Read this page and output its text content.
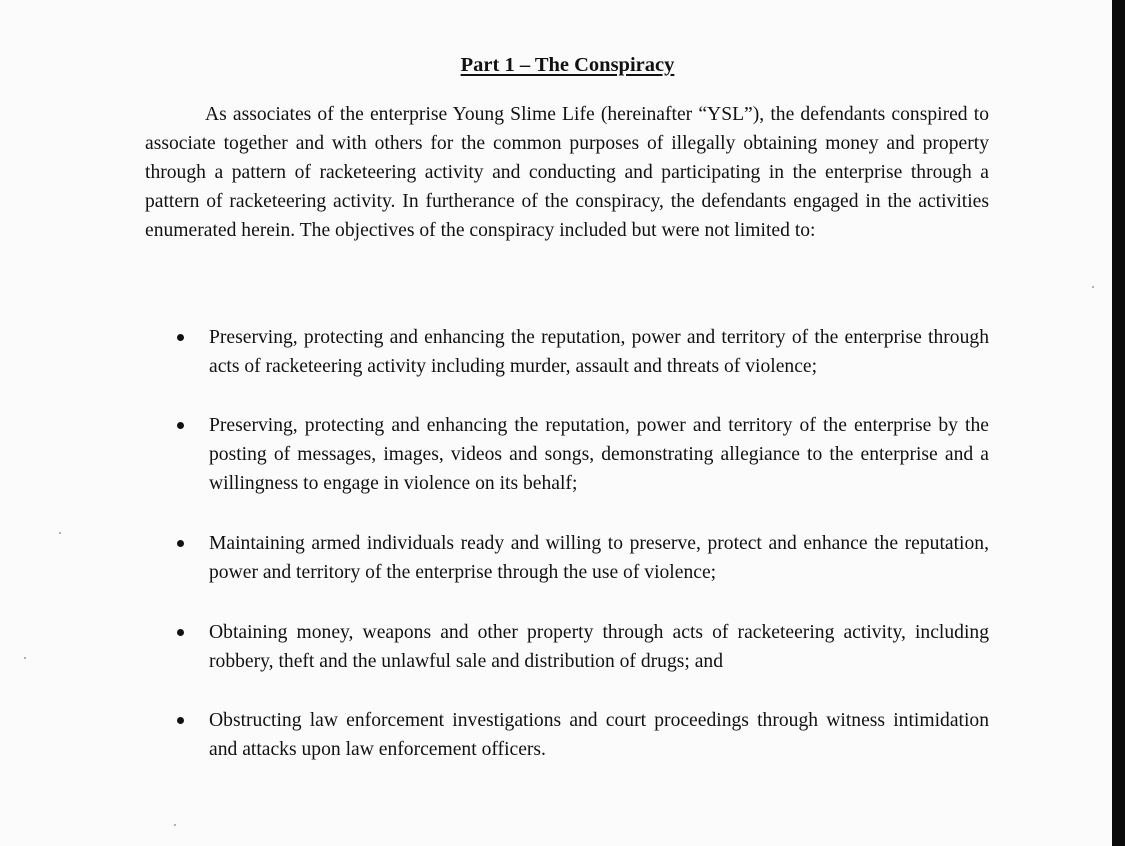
Part 1 – The Conspiracy

As associates of the enterprise Young Slime Life (hereinafter “YSL”), the defendants conspired to associate together and with others for the common purposes of illegally obtaining money and property through a pattern of racketeering activity and conducting and participating in the enterprise through a pattern of racketeering activity. In furtherance of the conspiracy, the defendants engaged in the activities enumerated herein. The objectives of the conspiracy included but were not limited to:

Preserving, protecting and enhancing the reputation, power and territory of the enterprise through acts of racketeering activity including murder, assault and threats of violence;

Preserving, protecting and enhancing the reputation, power and territory of the enterprise by the posting of messages, images, videos and songs, demonstrating allegiance to the enterprise and a willingness to engage in violence on its behalf;

Maintaining armed individuals ready and willing to preserve, protect and enhance the reputation, power and territory of the enterprise through the use of violence;

Obtaining money, weapons and other property through acts of racketeering activity, including robbery, theft and the unlawful sale and distribution of drugs; and

Obstructing law enforcement investigations and court proceedings through witness intimidation and attacks upon law enforcement officers.
